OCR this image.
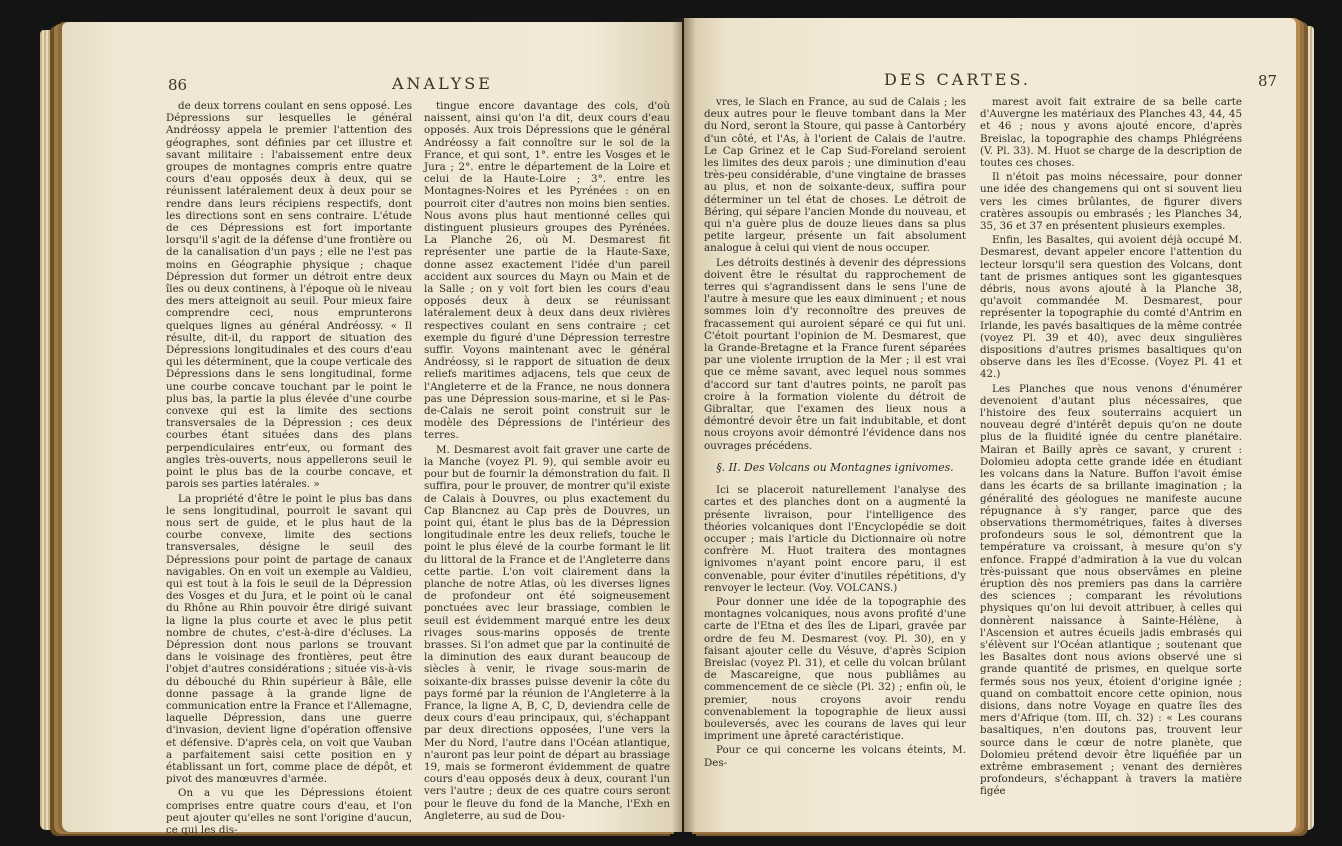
86	ANALYSE

de deux torrens coulant en sens opposé. Les Dépressions sur lesquelles le général Andréossy appela le premier l'attention des géographes, sont définies par cet illustre et savant militaire : l'abaissement entre deux groupes de montagnes compris entre quatre cours d'eau opposés deux à deux, qui se réunissent latéralement deux à deux pour se rendre dans leurs récipiens respectifs, dont les directions sont en sens contraire. L'étude de ces Dépressions est fort importante lorsqu'il s'agit de la défense d'une frontière ou de la canalisation d'un pays ; elle ne l'est pas moins en Géographie physique ; chaque Dépression dut former un détroit entre deux îles ou deux continens, à l'époque où le niveau des mers atteignoit au seuil. Pour mieux faire comprendre ceci, nous emprunterons quelques lignes au général Andréossy. « Il résulte, dit-il, du rapport de situation des Dépressions longitudinales et des cours d'eau qui les déterminent, que la coupe verticale des Dépressions dans le sens longitudinal, forme une courbe concave touchant par le point le plus bas, la partie la plus élevée d'une courbe convexe qui est la limite des sections transversales de la Dépression ; ces deux courbes étant situées dans des plans perpendiculaires entr'eux, ou formant des angles très-ouverts, nous appellerons seuil le point le plus bas de la courbe concave, et parois ses parties latérales. »

La propriété d'être le point le plus bas dans le sens longitudinal, pourroit le savant qui nous sert de guide, et le plus haut de la courbe convexe, limite des sections transversales, désigne le seuil des Dépressions pour point de partage de canaux navigables. On en voit un exemple au Valdieu, qui est tout à la fois le seuil de la Dépression des Vosges et du Jura, et le point où le canal du Rhône au Rhin pouvoir être dirigé suivant la ligne la plus courte et avec le plus petit nombre de chutes, c'est-à-dire d'écluses. La Dépression dont nous parlons se trouvant dans le voisinage des frontières, peut être l'objet d'autres considérations ; située vis-à-vis du débouché du Rhin supérieur à Bâle, elle donne passage à la grande ligne de communication entre la France et l'Allemagne, laquelle Dépression, dans une guerre d'invasion, devient ligne d'opération offensive et défensive. D'après cela, on voit que Vauban a parfaitement saisi cette position en y établissant un fort, comme place de dépôt, et pivot des manœuvres d'armée.

On a vu que les Dépressions étoient comprises entre quatre cours d'eau, et l'on peut ajouter qu'elles ne sont l'origine d'aucun, ce qui les dis-

tingue encore davantage des cols, d'où naissent, ainsi qu'on l'a dit, deux cours d'eau opposés. Aux trois Dépressions que le général Andréossy a fait connoître sur le sol de la France, et qui sont, 1°. entre les Vosges et le Jura ; 2°. entre le département de la Loire et celui de la Haute-Loire ; 3°. entre les Montagnes-Noires et les Pyrénées : on en pourroit citer d'autres non moins bien senties. Nous avons plus haut mentionné celles qui distinguent plusieurs groupes des Pyrénées. La Planche 26, où M. Desmarest fit représenter une partie de la Haute-Saxe, donne assez exactement l'idée d'un pareil accident aux sources du Mayn ou Main et de la Salle ; on y voit fort bien les cours d'eau opposés deux à deux se réunissant latéralement deux à deux dans deux rivières respectives coulant en sens contraire ; cet exemple du figuré d'une Dépression terrestre suffir. Voyons maintenant avec le général Andréossy, si le rapport de situation de deux reliefs maritimes adjacens, tels que ceux de l'Angleterre et de la France, ne nous donnera pas une Dépression sous-marine, et si le Pas-de-Calais ne seroit point construit sur le modèle des Dépressions de l'intérieur des terres.

M. Desmarest avoit fait graver une carte de la Manche (voyez Pl. 9), qui semble avoir eu pour but de fournir la démonstration du fait. Il suffira, pour le prouver, de montrer qu'il existe de Calais à Douvres, ou plus exactement du Cap Blancnez au Cap près de Douvres, un point qui, étant le plus bas de la Dépression longitudinale entre les deux reliefs, touche le point le plus élevé de la courbe formant le lit du littoral de la France et de l'Angleterre dans cette partie. L'on voit clairement dans la planche de notre Atlas, où les diverses lignes de profondeur ont été soigneusement ponctuées avec leur brassiage, combien le seuil est évidemment marqué entre les deux rivages sous-marins opposés de trente brasses. Si l'on admet que par la continuité de la diminution des eaux durant beaucoup de siècles à venir, le rivage sous-marin de soixante-dix brasses puisse devenir la côte du pays formé par la réunion de l'Angleterre à la France, la ligne A, B, C, D, deviendra celle de deux cours d'eau principaux, qui, s'échappant par deux directions opposées, l'une vers la Mer du Nord, l'autre dans l'Océan atlantique, n'auront pas leur point de départ au brassiage 19, mais se formeront évidemment de quatre cours d'eau opposés deux à deux, courant l'un vers l'autre ; deux de ces quatre cours seront pour le fleuve du fond de la Manche, l'Exh en Angleterre, au sud de Dou-

DES CARTES.	87

vres, le Slach en France, au sud de Calais ; les deux autres pour le fleuve tombant dans la Mer du Nord, seront la Stoure, qui passe à Cantorbéry d'un côté, et l'As, à l'orient de Calais de l'autre. Le Cap Grinez et le Cap Sud-Foreland seroient les limites des deux parois ; une diminution d'eau très-peu considérable, d'une vingtaine de brasses au plus, et non de soixante-deux, suffira pour déterminer un tel état de choses. Le détroit de Béring, qui sépare l'ancien Monde du nouveau, et qui n'a guère plus de douze lieues dans sa plus petite largeur, présente un fait absolument analogue à celui qui vient de nous occuper.

Les détroits destinés à devenir des dépressions doivent être le résultat du rapprochement de terres qui s'agrandissent dans le sens l'une de l'autre à mesure que les eaux diminuent ; et nous sommes loin d'y reconnoître des preuves de fracassement qui auroient séparé ce qui fut uni. C'étoit pourtant l'opinion de M. Desmarest, que la Grande-Bretagne et la France furent séparées par une violente irruption de la Mer ; il est vrai que ce même savant, avec lequel nous sommes d'accord sur tant d'autres points, ne paroît pas croire à la formation violente du détroit de Gibraltar, que l'examen des lieux nous a démontré devoir être un fait indubitable, et dont nous croyons avoir démontré l'évidence dans nos ouvrages précédens.

§. II. Des Volcans ou Montagnes ignivomes.

Ici se placeroit naturellement l'analyse des cartes et des planches dont on a augmenté la présente livraison, pour l'intelligence des théories volcaniques dont l'Encyclopédie se doit occuper ; mais l'article du Dictionnaire où notre confrère M. Huot traitera des montagnes ignivomes n'ayant point encore paru, il est convenable, pour éviter d'inutiles répétitions, d'y renvoyer le lecteur. (Voy. VOLCANS.)

Pour donner une idée de la topographie des montagnes volcaniques, nous avons profité d'une carte de l'Etna et des îles de Lipari, gravée par ordre de feu M. Desmarest (voy. Pl. 30), en y faisant ajouter celle du Vésuve, d'après Scipion Breislac (voyez Pl. 31), et celle du volcan brûlant de Mascareigne, que nous publiâmes au commencement de ce siècle (Pl. 32) ; enfin où, le premier, nous croyons avoir rendu convenablement la topographie de lieux aussi bouleversés, avec les courans de laves qui leur impriment une âpreté caractéristique.

Pour ce qui concerne les volcans éteints, M. Des-

marest avoit fait extraire de sa belle carte d'Auvergne les matériaux des Planches 43, 44, 45 et 46 ; nous y avons ajouté encore, d'après Breislac, la topographie des champs Phlégréens (V. Pl. 33). M. Huot se charge de la description de toutes ces choses.

Il n'étoit pas moins nécessaire, pour donner une idée des changemens qui ont si souvent lieu vers les cimes brûlantes, de figurer divers cratères assoupis ou embrasés ; les Planches 34, 35, 36 et 37 en présentent plusieurs exemples.

Enfin, les Basaltes, qui avoient déjà occupé M. Desmarest, devant appeler encore l'attention du lecteur lorsqu'il sera question des Volcans, dont tant de prismes antiques sont les gigantesques débris, nous avons ajouté à la Planche 38, qu'avoit commandée M. Desmarest, pour représenter la topographie du comté d'Antrim en Irlande, les pavés basaltiques de la même contrée (voyez Pl. 39 et 40), avec deux singulières dispositions d'autres prismes basaltiques qu'on observe dans les îles d'Ecosse. (Voyez Pl. 41 et 42.)

Les Planches que nous venons d'énumérer devenoient d'autant plus nécessaires, que l'histoire des feux souterrains acquiert un nouveau degré d'intérêt depuis qu'on ne doute plus de la fluidité ignée du centre planétaire. Mairan et Bailly après ce savant, y crurent : Dolomieu adopta cette grande idée en étudiant les volcans dans la Nature. Buffon l'avoit émise dans les écarts de sa brillante imagination ; la généralité des géologues ne manifeste aucune répugnance à s'y ranger, parce que des observations thermométriques, faites à diverses profondeurs sous le sol, démontrent que la température va croissant, à mesure qu'on s'y enfonce. Frappé d'admiration à la vue du volcan très-puissant que nous observâmes en pleine éruption dès nos premiers pas dans la carrière des sciences ; comparant les révolutions physiques qu'on lui devoit attribuer, à celles qui donnèrent naissance à Sainte-Hélène, à l'Ascension et autres écueils jadis embrasés qui s'élèvent sur l'Océan atlantique ; soutenant que les Basaltes dont nous avions observé une si grande quantité de prismes, en quelque sorte fermés sous nos yeux, étoient d'origine ignée ; quand on combattoit encore cette opinion, nous disions, dans notre Voyage en quatre îles des mers d'Afrique (tom. III, ch. 32) : « Les courans basaltiques, n'en doutons pas, trouvent leur source dans le cœur de notre planète, que Dolomieu prétend devoir être liquéfiée par un extrême embrasement ; venant des dernières profondeurs, s'échappant à travers la matière figée
